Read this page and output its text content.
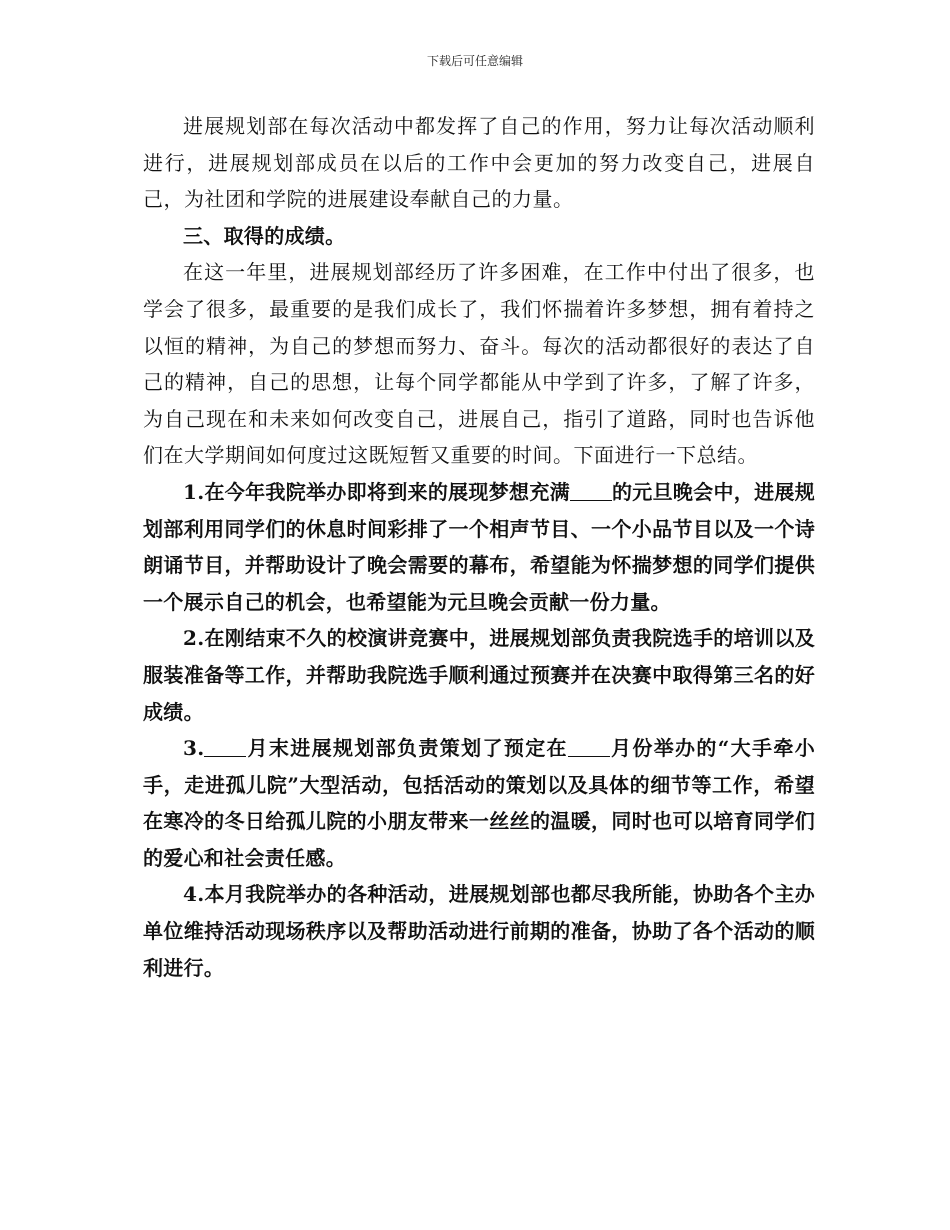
下载后可任意编辑

进展规划部在每次活动中都发挥了自己的作用，努力让每次活动顺利进行，进展规划部成员在以后的工作中会更加的努力改变自己，进展自己，为社团和学院的进展建设奉献自己的力量。

三、取得的成绩。

在这一年里，进展规划部经历了许多困难，在工作中付出了很多，也学会了很多，最重要的是我们成长了，我们怀揣着许多梦想，拥有着持之以恒的精神，为自己的梦想而努力、奋斗。每次的活动都很好的表达了自己的精神，自己的思想，让每个同学都能从中学到了许多，了解了许多，为自己现在和未来如何改变自己，进展自己，指引了道路，同时也告诉他们在大学期间如何度过这既短暂又重要的时间。下面进行一下总结。

1.在今年我院举办即将到来的展现梦想充满 的元旦晚会中，进展规划部利用同学们的休息时间彩排了一个相声节目、一个小品节目以及一个诗朗诵节目，并帮助设计了晚会需要的幕布，希望能为怀揣梦想的同学们提供一个展示自己的机会，也希望能为元旦晚会贡献一份力量。

2.在刚结束不久的校演讲竞赛中，进展规划部负责我院选手的培训以及服装准备等工作，并帮助我院选手顺利通过预赛并在决赛中取得第三名的好成绩。

3. 月末进展规划部负责策划了预定在 月份举办的“大手牵小手，走进孤儿院”大型活动，包括活动的策划以及具体的细节等工作，希望在寒冷的冬日给孤儿院的小朋友带来一丝丝的温暖，同时也可以培育同学们的爱心和社会责任感。

4.本月我院举办的各种活动，进展规划部也都尽我所能，协助各个主办单位维持活动现场秩序以及帮助活动进行前期的准备，协助了各个活动的顺利进行。
